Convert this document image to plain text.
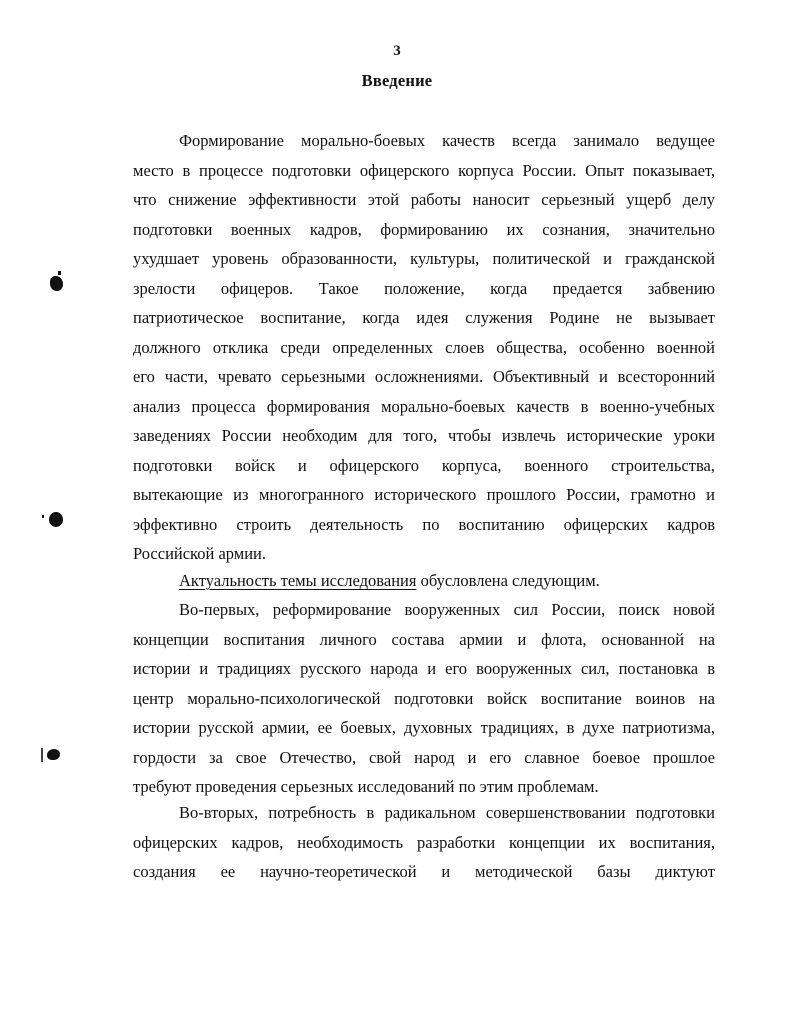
3
Введение

Формирование морально-боевых качеств всегда занимало ведущее
место в процессе подготовки офицерского корпуса России. Опыт показывает,
что снижение эффективности этой работы наносит серьезный ущерб делу
подготовки военных кадров, формированию их сознания, значительно
ухудшает уровень образованности, культуры, политической и гражданской
зрелости офицеров. Такое положение, когда предается забвению
патриотическое воспитание, когда идея служения Родине не вызывает
должного отклика среди определенных слоев общества, особенно военной
его части, чревато серьезными осложнениями. Объективный и всесторонний
анализ процесса формирования морально-боевых качеств в военно-учебных
заведениях России необходим для того, чтобы извлечь исторические уроки
подготовки войск и офицерского корпуса, военного строительства,
вытекающие из многогранного исторического прошлого России, грамотно и
эффективно строить деятельность по воспитанию офицерских кадров
Российской армии.

Актуальность темы исследования обусловлена следующим.

Во-первых, реформирование вооруженных сил России, поиск новой
концепции воспитания личного состава армии и флота, основанной на
истории и традициях русского народа и его вооруженных сил, постановка в
центр морально-психологической подготовки войск воспитание воинов на
истории русской армии, ее боевых, духовных традициях, в духе патриотизма,
гордости за свое Отечество, свой народ и его славное боевое прошлое
требуют проведения серьезных исследований по этим проблемам.

Во-вторых, потребность в радикальном совершенствовании подготовки
офицерских кадров, необходимость разработки концепции их воспитания,
создания ее научно-теоретической и методической базы диктуют
